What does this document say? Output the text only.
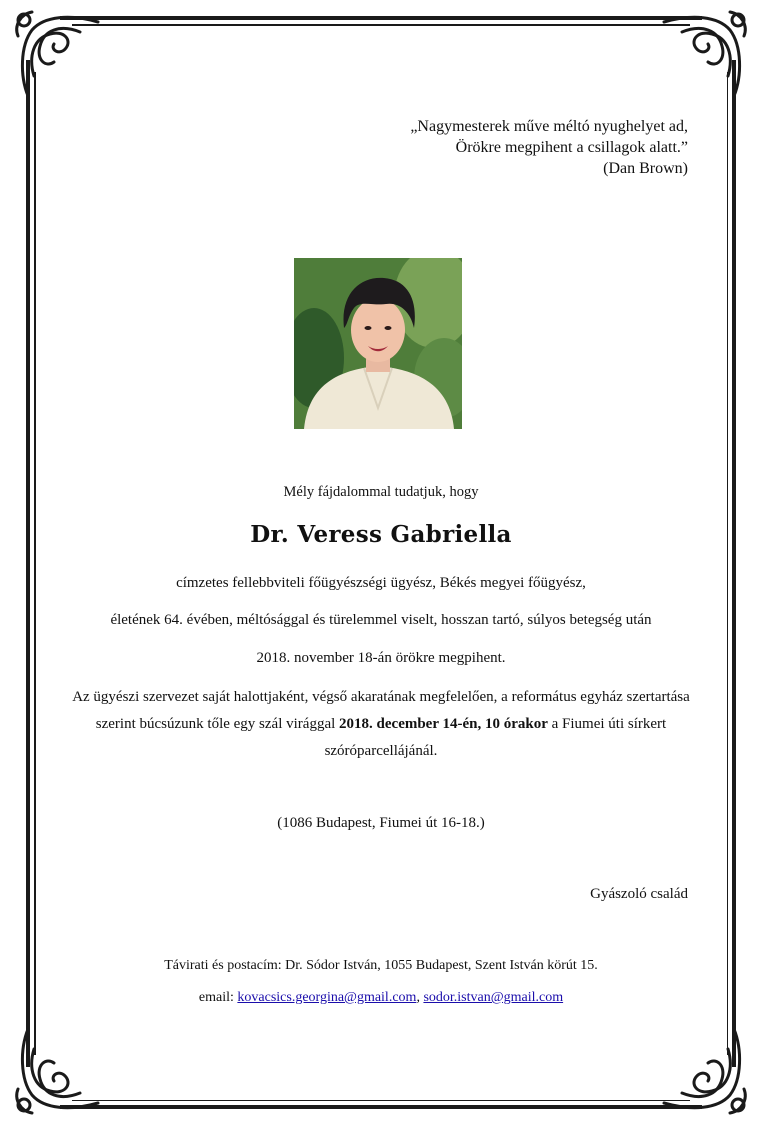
„Nagymesterek műve méltó nyughelyet ad,
Örökre megpihent a csillagok alatt.”
(Dan Brown)
Mély fájdalommal tudatjuk, hogy
Dr. Veress Gabriella
címzetes fellebbviteli főügyészségi ügyész, Békés megyei főügyész,
életének 64. évében, méltósággal és türelemmel viselt, hosszan tartó, súlyos betegség után
2018. november 18-án örökre megpihent.
Az ügyészi szervezet saját halottjaként, végső akaratának megfelelően, a református egyház szertartása szerint búcsúzunk tőle egy szál virággal 2018. december 14-én, 10 órakor a Fiumei úti sírkert szóróparcellájánál.
(1086 Budapest, Fiumei út 16-18.)
Gyászoló család
Távirati és postacím: Dr. Sódor István, 1055 Budapest, Szent István körút 15.
email: kovacsics.georgina@gmail.com, sodor.istvan@gmail.com
